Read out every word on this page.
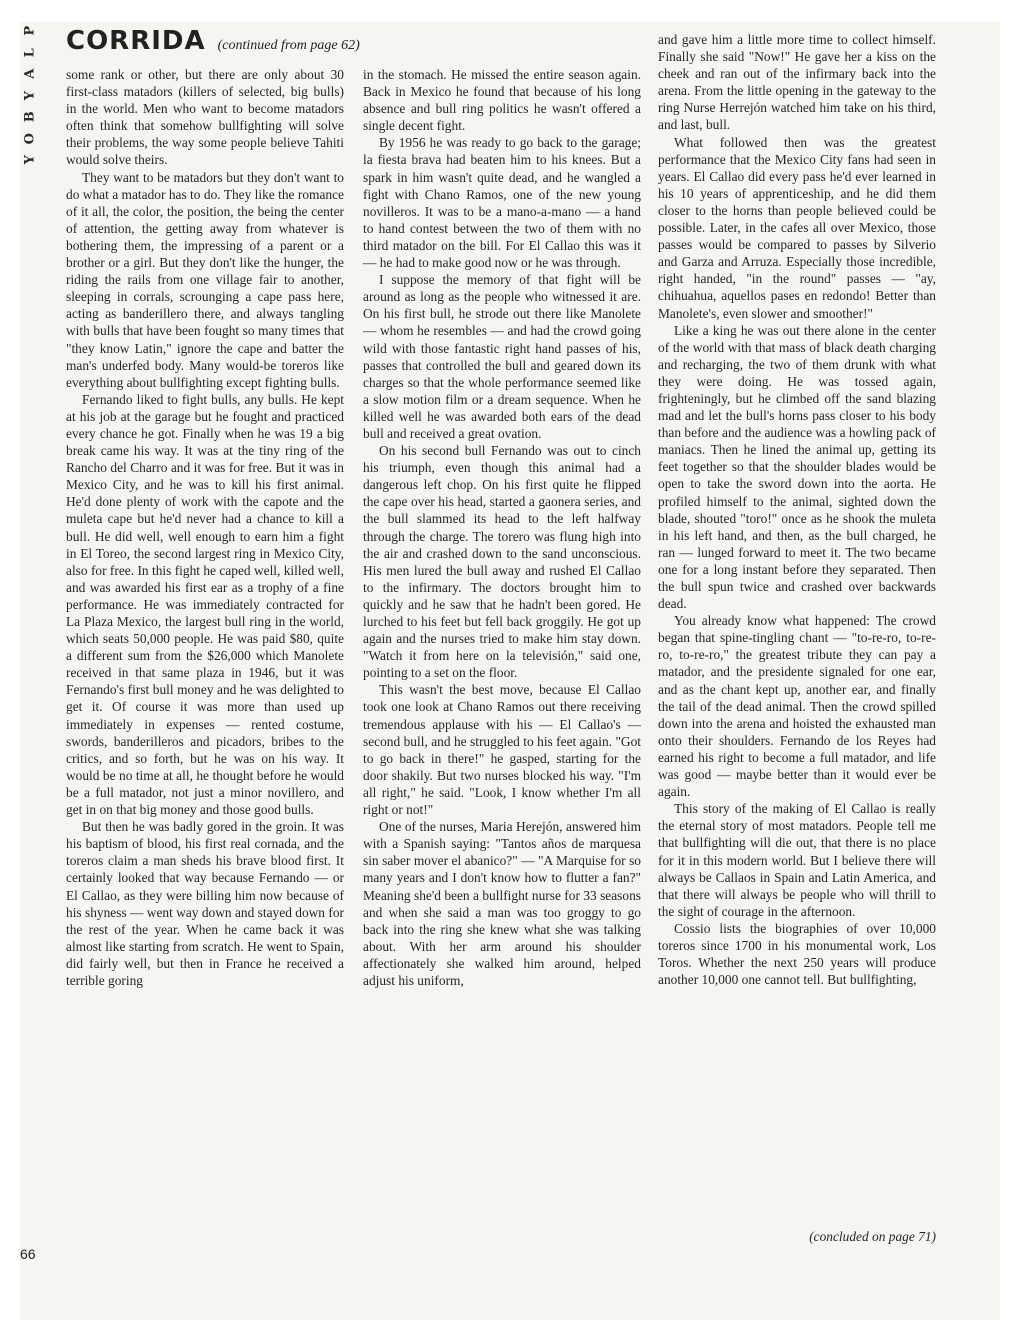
P
L
A
Y
B
O
Y
CORRIDA (continued from page 62)

some rank or other, but there are only about 30 first-class matadors (killers of selected, big bulls) in the world. Men who want to become matadors often think that somehow bullfighting will solve their problems, the way some people believe Tahiti would solve theirs.

They want to be matadors but they don't want to do what a matador has to do. They like the romance of it all, the color, the position, the being the center of attention, the getting away from whatever is bothering them, the impressing of a parent or a brother or a girl. But they don't like the hunger, the riding the rails from one village fair to another, sleeping in corrals, scrounging a cape pass here, acting as banderillero there, and always tangling with bulls that have been fought so many times that "they know Latin," ignore the cape and batter the man's underfed body. Many would-be toreros like everything about bullfighting except fighting bulls.

Fernando liked to fight bulls, any bulls. He kept at his job at the garage but he fought and practiced every chance he got. Finally when he was 19 a big break came his way. It was at the tiny ring of the Rancho del Charro and it was for free. But it was in Mexico City, and he was to kill his first animal. He'd done plenty of work with the capote and the muleta cape but he'd never had a chance to kill a bull. He did well, well enough to earn him a fight in El Toreo, the second largest ring in Mexico City, also for free. In this fight he caped well, killed well, and was awarded his first ear as a trophy of a fine performance. He was immediately contracted for La Plaza Mexico, the largest bull ring in the world, which seats 50,000 people. He was paid $80, quite a different sum from the $26,000 which Manolete received in that same plaza in 1946, but it was Fernando's first bull money and he was delighted to get it. Of course it was more than used up immediately in expenses — rented costume, swords, banderilleros and picadors, bribes to the critics, and so forth, but he was on his way. It would be no time at all, he thought before he would be a full matador, not just a minor novillero, and get in on that big money and those good bulls.

But then he was badly gored in the groin. It was his baptism of blood, his first real cornada, and the toreros claim a man sheds his brave blood first. It certainly looked that way because Fernando — or El Callao, as they were billing him now because of his shyness — went way down and stayed down for the rest of the year. When he came back it was almost like starting from scratch. He went to Spain, did fairly well, but then in France he received a terrible goring

in the stomach. He missed the entire season again. Back in Mexico he found that because of his long absence and bull ring politics he wasn't offered a single decent fight.

By 1956 he was ready to go back to the garage; la fiesta brava had beaten him to his knees. But a spark in him wasn't quite dead, and he wangled a fight with Chano Ramos, one of the new young novilleros. It was to be a mano-a-mano — a hand to hand contest between the two of them with no third matador on the bill. For El Callao this was it — he had to make good now or he was through.

I suppose the memory of that fight will be around as long as the people who witnessed it are. On his first bull, he strode out there like Manolete — whom he resembles — and had the crowd going wild with those fantastic right hand passes of his, passes that controlled the bull and geared down its charges so that the whole performance seemed like a slow motion film or a dream sequence. When he killed well he was awarded both ears of the dead bull and received a great ovation.

On his second bull Fernando was out to cinch his triumph, even though this animal had a dangerous left chop. On his first quite he flipped the cape over his head, started a gaonera series, and the bull slammed its head to the left halfway through the charge. The torero was flung high into the air and crashed down to the sand unconscious. His men lured the bull away and rushed El Callao to the infirmary. The doctors brought him to quickly and he saw that he hadn't been gored. He lurched to his feet but fell back groggily. He got up again and the nurses tried to make him stay down. "Watch it from here on la televisión," said one, pointing to a set on the floor.

This wasn't the best move, because El Callao took one look at Chano Ramos out there receiving tremendous applause with his — El Callao's — second bull, and he struggled to his feet again. "Got to go back in there!" he gasped, starting for the door shakily. But two nurses blocked his way. "I'm all right," he said. "Look, I know whether I'm all right or not!"

One of the nurses, Maria Herejón, answered him with a Spanish saying: "Tantos años de marquesa sin saber mover el abanico?" — "A Marquise for so many years and I don't know how to flutter a fan?" Meaning she'd been a bullfight nurse for 33 seasons and when she said a man was too groggy to go back into the ring she knew what she was talking about. With her arm around his shoulder affectionately she walked him around, helped adjust his uniform,

and gave him a little more time to collect himself. Finally she said "Now!" He gave her a kiss on the cheek and ran out of the infirmary back into the arena. From the little opening in the gateway to the ring Nurse Herrejón watched him take on his third, and last, bull.

What followed then was the greatest performance that the Mexico City fans had seen in years. El Callao did every pass he'd ever learned in his 10 years of apprenticeship, and he did them closer to the horns than people believed could be possible. Later, in the cafes all over Mexico, those passes would be compared to passes by Silverio and Garza and Arruza. Especially those incredible, right handed, "in the round" passes — "ay, chihuahua, aquellos pases en redondo! Better than Manolete's, even slower and smoother!"

Like a king he was out there alone in the center of the world with that mass of black death charging and recharging, the two of them drunk with what they were doing. He was tossed again, frighteningly, but he climbed off the sand blazing mad and let the bull's horns pass closer to his body than before and the audience was a howling pack of maniacs. Then he lined the animal up, getting its feet together so that the shoulder blades would be open to take the sword down into the aorta. He profiled himself to the animal, sighted down the blade, shouted "toro!" once as he shook the muleta in his left hand, and then, as the bull charged, he ran — lunged forward to meet it. The two became one for a long instant before they separated. Then the bull spun twice and crashed over backwards dead.

You already know what happened: The crowd began that spine-tingling chant — "to-re-ro, to-re-ro, to-re-ro," the greatest tribute they can pay a matador, and the presidente signaled for one ear, and as the chant kept up, another ear, and finally the tail of the dead animal. Then the crowd spilled down into the arena and hoisted the exhausted man onto their shoulders. Fernando de los Reyes had earned his right to become a full matador, and life was good — maybe better than it would ever be again.

This story of the making of El Callao is really the eternal story of most matadors. People tell me that bullfighting will die out, that there is no place for it in this modern world. But I believe there will always be Callaos in Spain and Latin America, and that there will always be people who will thrill to the sight of courage in the afternoon.

Cossio lists the biographies of over 10,000 toreros since 1700 in his monumental work, Los Toros. Whether the next 250 years will produce another 10,000 one cannot tell. But bullfighting,

(concluded on page 71)
66
